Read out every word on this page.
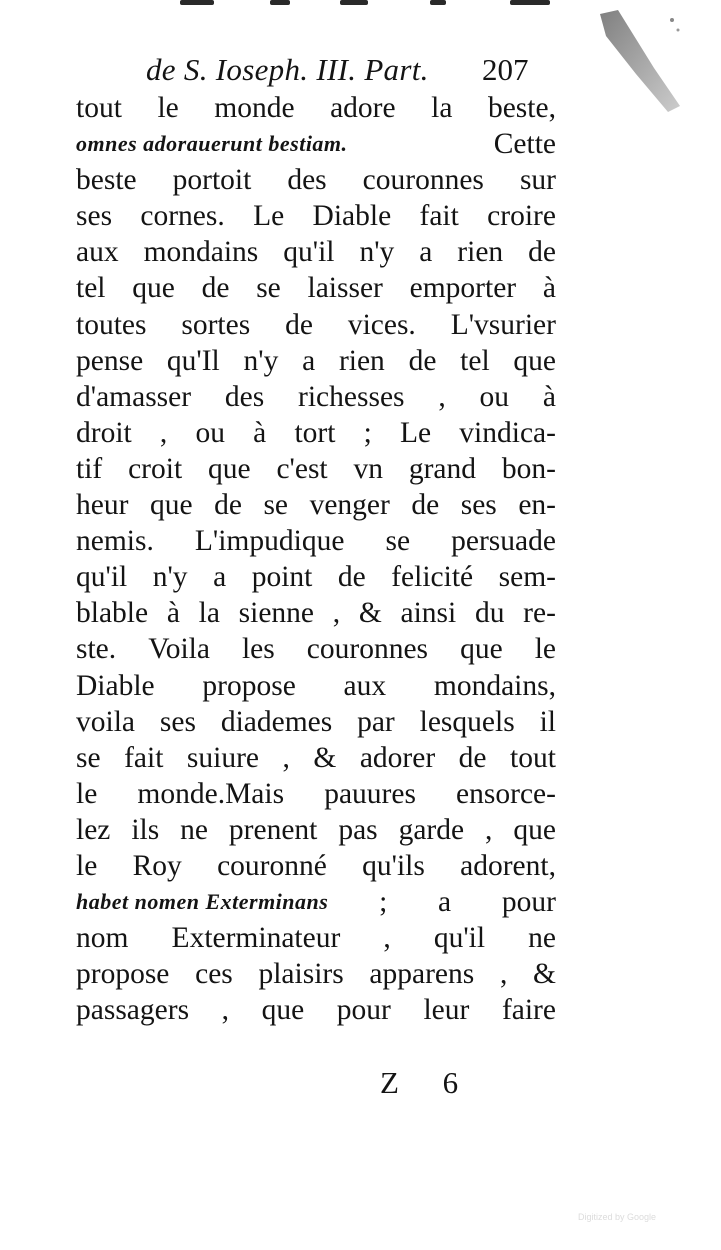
de S. Ioseph. III. Part. 207
tout le monde adore la beste,
omnes adorauerunt bestiam.	Cette
beste portoit des couronnes sur
ses cornes. Le Diable fait croire
aux mondains qu'il n'y a rien de
tel que de se laisser emporter à
toutes sortes de vices. L'vsurier
pense qu'Il n'y a rien de tel que
d'amasser des richesses , ou à
droit , ou à tort ; Le vindica-
tif croit que c'est vn grand bon-
heur que de se venger de ses en-
nemis. L'impudique se persuade
qu'il n'y a point de felicité sem-
blable à la sienne , & ainsi du re-
ste. Voila les couronnes que le
Diable propose aux mondains,
voila ses diademes par lesquels il
se fait suiure , & adorer de tout
le monde.Mais pauures ensorce-
lez ils ne prenent pas garde , que
le Roy couronné qu'ils adorent,
habet nomen Exterminans ; a pour
nom Exterminateur , qu'il ne
propose ces plaisirs apparens , &
passagers , que pour leur faire
Z 6
Digitized by Google
